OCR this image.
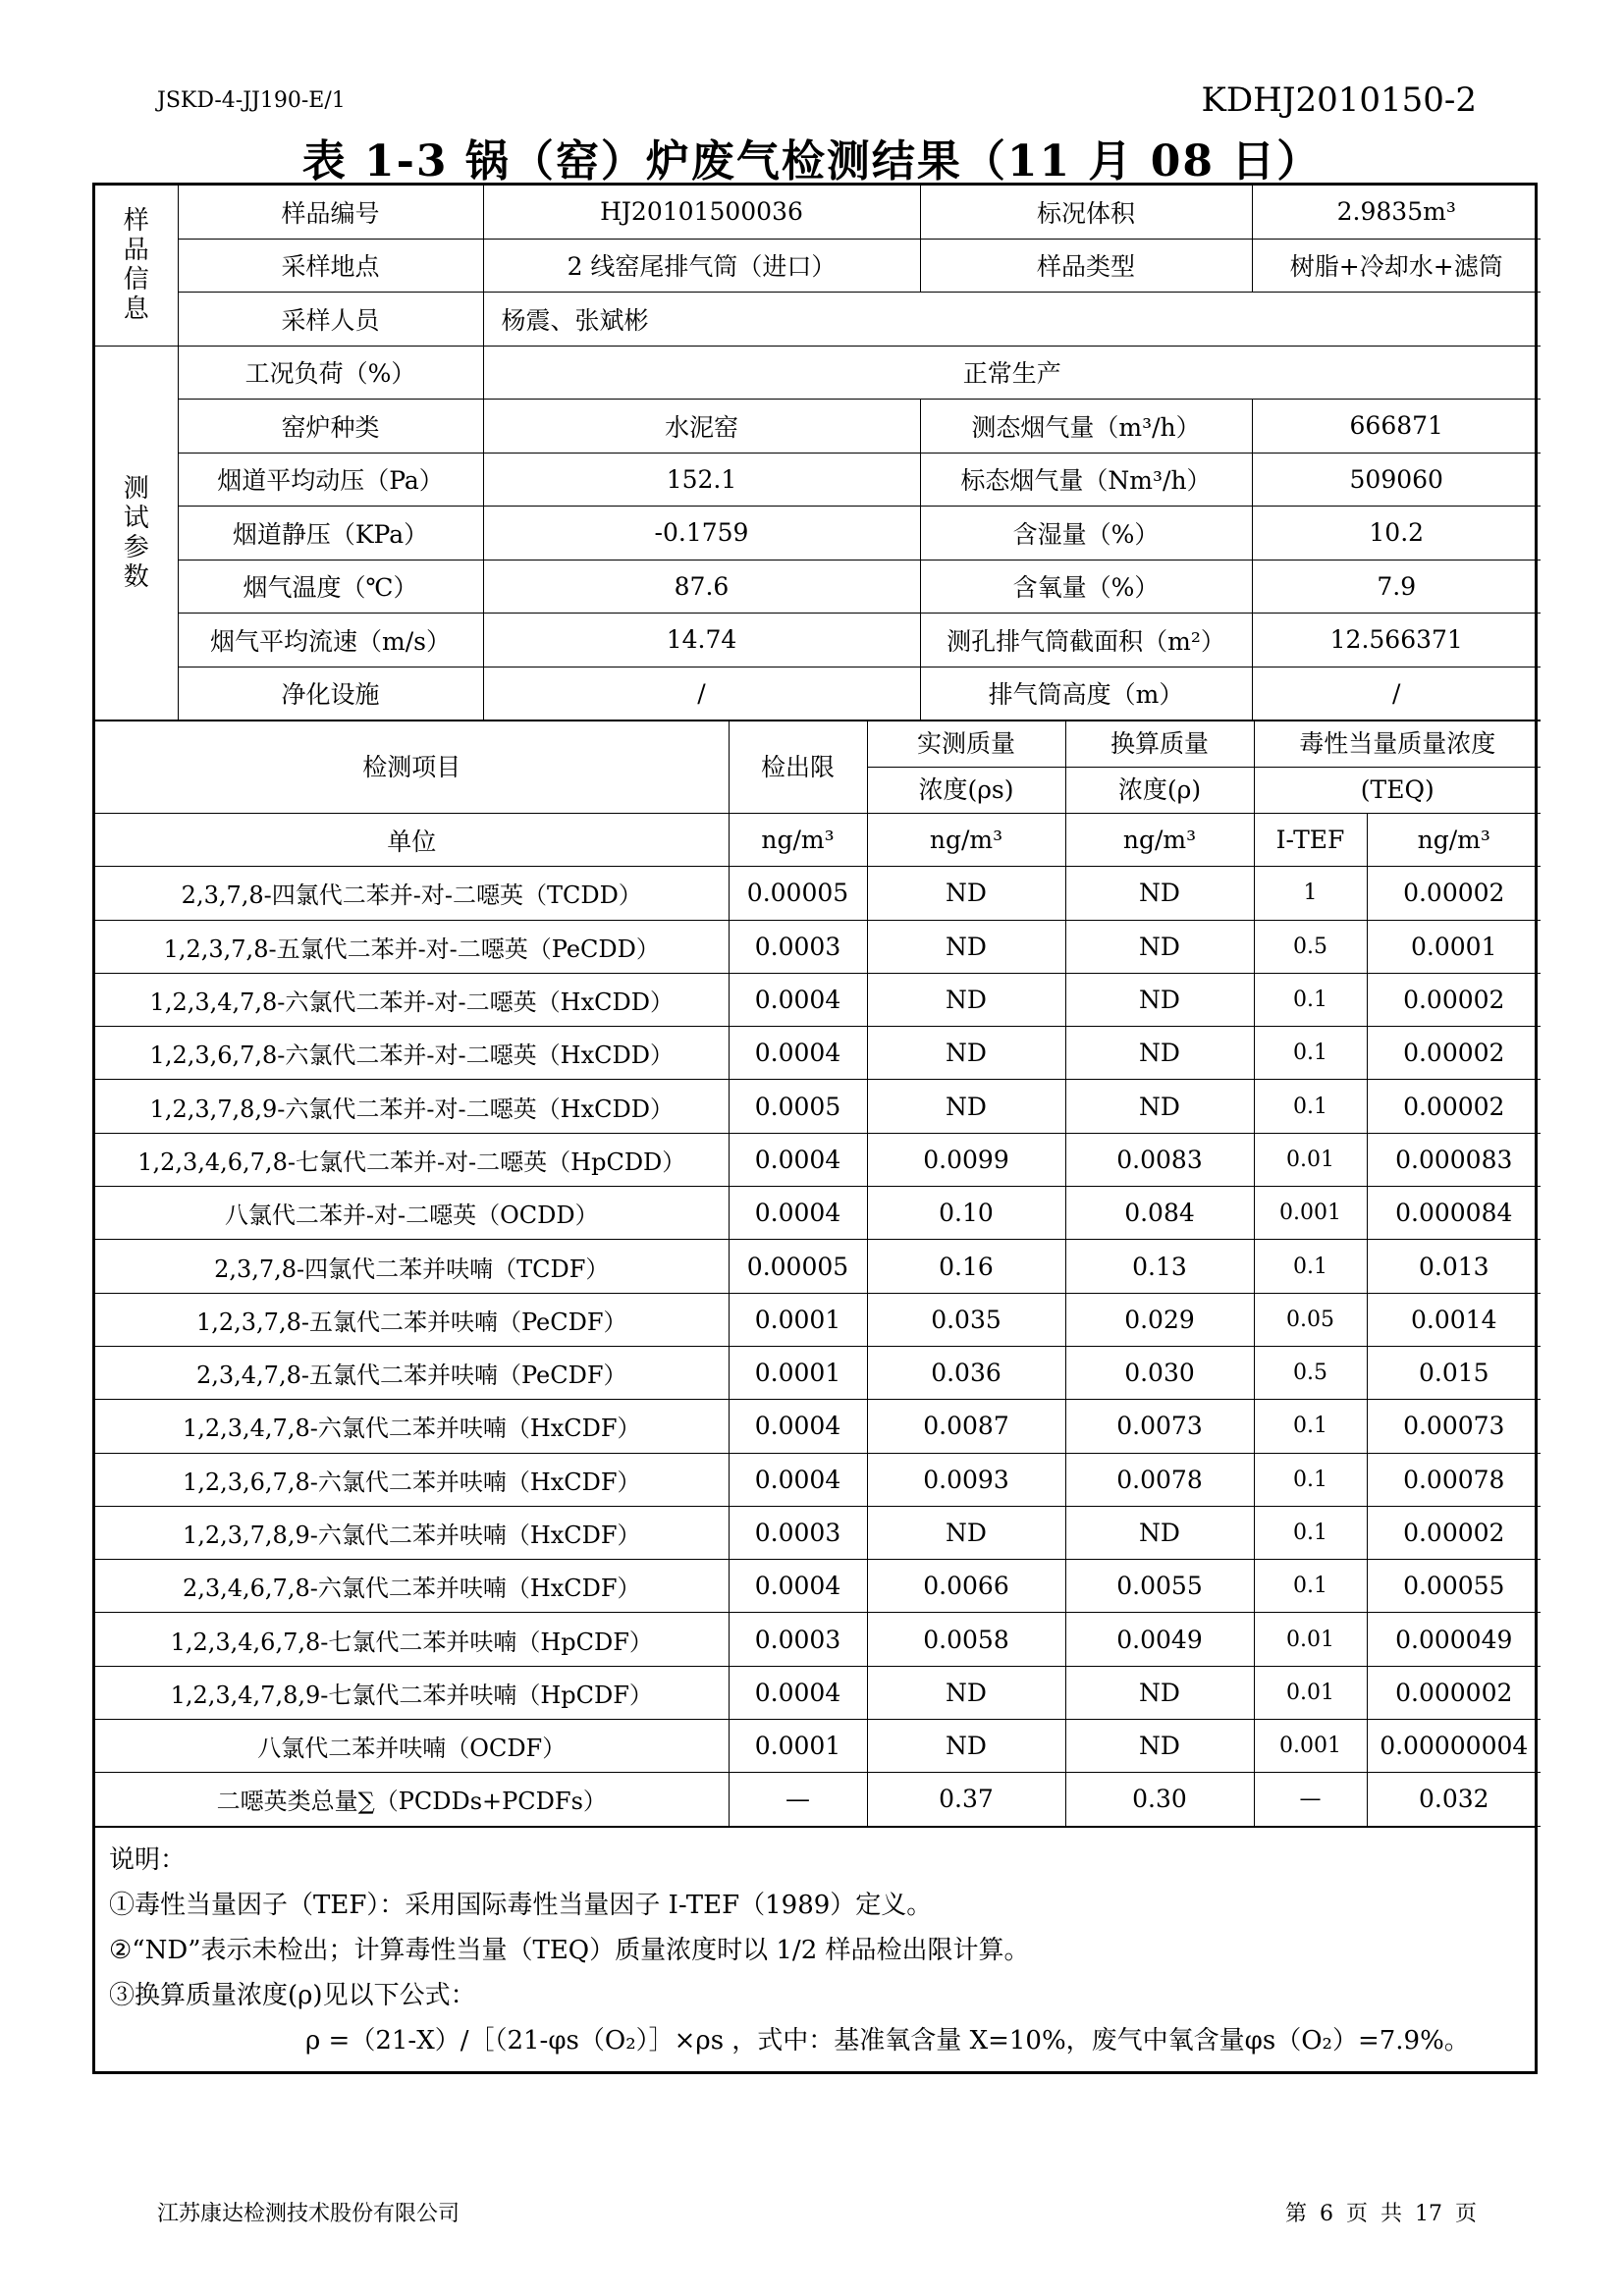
JSKD-4-JJ190-E/1	KDHJ2010150-2
表 1-3 锅（窑）炉废气检测结果（11 月 08 日）
样
品
信
息	样品编号	HJ20101500036	标况体积	2.9835m³
	采样地点	2 线窑尾排气筒（进口）	样品类型	树脂+冷却水+滤筒
	采样人员	杨震、张斌彬		

测
试
参
数	工况负荷（%）	正常生产		
	窑炉种类	水泥窑	测态烟气量（m³/h）	666871
	烟道平均动压（Pa）	152.1	标态烟气量（Nm³/h）	509060
	烟道静压（KPa）	-0.1759	含湿量（%）	10.2
	烟气温度（℃）	87.6	含氧量（%）	7.9
	烟气平均流速（m/s）	14.74	测孔排气筒截面积（m²）	12.566371
	净化设施	/	排气筒高度（m）	/
检测项目	检出限	实测质量	换算质量	毒性当量质量浓度	
		浓度(ρs)	浓度(ρ)	(TEQ)	
单位	ng/m³	ng/m³	ng/m³	I-TEF	ng/m³
2,3,7,8-四氯代二苯并-对-二噁英（TCDD）	0.00005	ND	ND	1	0.00002
1,2,3,7,8-五氯代二苯并-对-二噁英（PeCDD）	0.0003	ND	ND	0.5	0.0001
1,2,3,4,7,8-六氯代二苯并-对-二噁英（HxCDD）	0.0004	ND	ND	0.1	0.00002
1,2,3,6,7,8-六氯代二苯并-对-二噁英（HxCDD）	0.0004	ND	ND	0.1	0.00002
1,2,3,7,8,9-六氯代二苯并-对-二噁英（HxCDD）	0.0005	ND	ND	0.1	0.00002
1,2,3,4,6,7,8-七氯代二苯并-对-二噁英（HpCDD）	0.0004	0.0099	0.0083	0.01	0.000083
八氯代二苯并-对-二噁英（OCDD）	0.0004	0.10	0.084	0.001	0.000084
2,3,7,8-四氯代二苯并呋喃（TCDF）	0.00005	0.16	0.13	0.1	0.013
1,2,3,7,8-五氯代二苯并呋喃（PeCDF）	0.0001	0.035	0.029	0.05	0.0014
2,3,4,7,8-五氯代二苯并呋喃（PeCDF）	0.0001	0.036	0.030	0.5	0.015
1,2,3,4,7,8-六氯代二苯并呋喃（HxCDF）	0.0004	0.0087	0.0073	0.1	0.00073
1,2,3,6,7,8-六氯代二苯并呋喃（HxCDF）	0.0004	0.0093	0.0078	0.1	0.00078
1,2,3,7,8,9-六氯代二苯并呋喃（HxCDF）	0.0003	ND	ND	0.1	0.00002
2,3,4,6,7,8-六氯代二苯并呋喃（HxCDF）	0.0004	0.0066	0.0055	0.1	0.00055
1,2,3,4,6,7,8-七氯代二苯并呋喃（HpCDF）	0.0003	0.0058	0.0049	0.01	0.000049
1,2,3,4,7,8,9-七氯代二苯并呋喃（HpCDF）	0.0004	ND	ND	0.01	0.000002
八氯代二苯并呋喃（OCDF）	0.0001	ND	ND	0.001	0.00000004
二噁英类总量∑（PCDDs+PCDFs）	—	0.37	0.30	—	0.032
说明：
①毒性当量因子（TEF）：采用国际毒性当量因子 I-TEF（1989）定义。
②“ND”表示未检出；计算毒性当量（TEQ）质量浓度时以 1/2 样品检出限计算。
③换算质量浓度(ρ)见以下公式：
ρ =（21-X）/［（21-φs（O₂）］×ρs ，式中：基准氧含量 X=10%，废气中氧含量φs（O₂）=7.9%。
江苏康达检测技术股份有限公司	第 6 页 共 17 页
